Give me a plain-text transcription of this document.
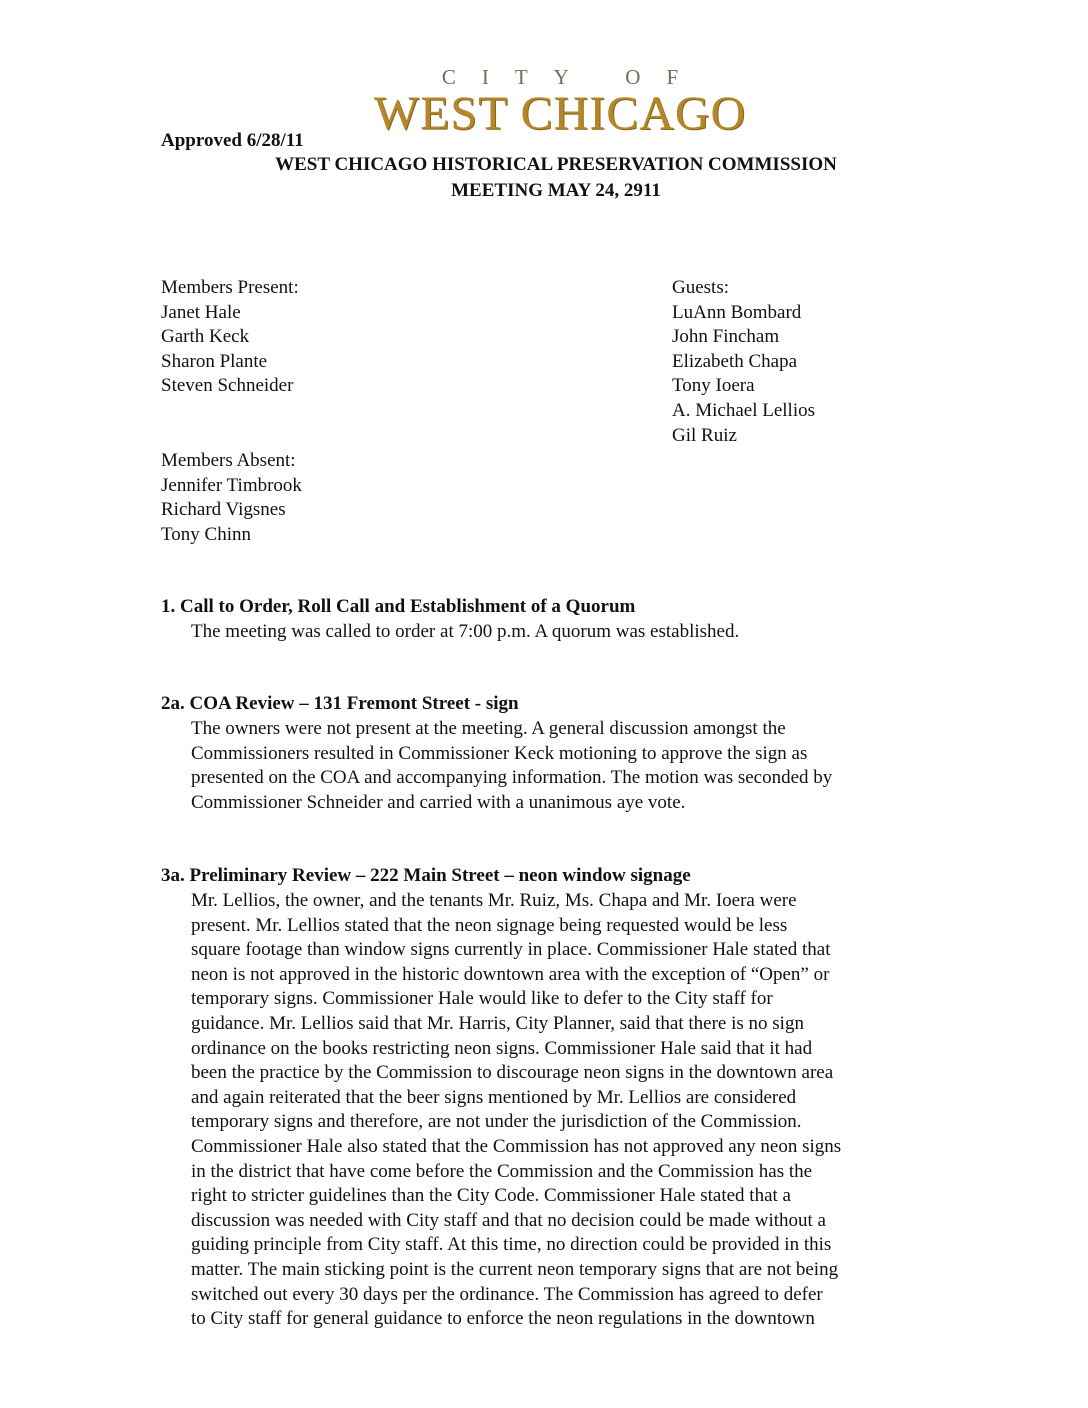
CITY OF
WEST CHICAGO
Approved 6/28/11
WEST CHICAGO HISTORICAL PRESERVATION COMMISSION
MEETING MAY 24, 2911
Members Present:
Janet Hale
Garth Keck
Sharon Plante
Steven Schneider
Guests:
LuAnn Bombard
John Fincham
Elizabeth Chapa
Tony Ioera
A. Michael Lellios
Gil Ruiz
Members Absent:
Jennifer Timbrook
Richard Vigsnes
Tony Chinn
1. Call to Order, Roll Call and Establishment of a Quorum
The meeting was called to order at 7:00 p.m. A quorum was established.
2a. COA Review – 131 Fremont Street - sign
The owners were not present at the meeting. A general discussion amongst the
Commissioners resulted in Commissioner Keck motioning to approve the sign as
presented on the COA and accompanying information. The motion was seconded by
Commissioner Schneider and carried with a unanimous aye vote.
3a. Preliminary Review – 222 Main Street – neon window signage
Mr. Lellios, the owner, and the tenants Mr. Ruiz, Ms. Chapa and Mr. Ioera were
present. Mr. Lellios stated that the neon signage being requested would be less
square footage than window signs currently in place. Commissioner Hale stated that
neon is not approved in the historic downtown area with the exception of “Open” or
temporary signs. Commissioner Hale would like to defer to the City staff for
guidance. Mr. Lellios said that Mr. Harris, City Planner, said that there is no sign
ordinance on the books restricting neon signs. Commissioner Hale said that it had
been the practice by the Commission to discourage neon signs in the downtown area
and again reiterated that the beer signs mentioned by Mr. Lellios are considered
temporary signs and therefore, are not under the jurisdiction of the Commission.
Commissioner Hale also stated that the Commission has not approved any neon signs
in the district that have come before the Commission and the Commission has the
right to stricter guidelines than the City Code. Commissioner Hale stated that a
discussion was needed with City staff and that no decision could be made without a
guiding principle from City staff. At this time, no direction could be provided in this
matter. The main sticking point is the current neon temporary signs that are not being
switched out every 30 days per the ordinance. The Commission has agreed to defer
to City staff for general guidance to enforce the neon regulations in the downtown
